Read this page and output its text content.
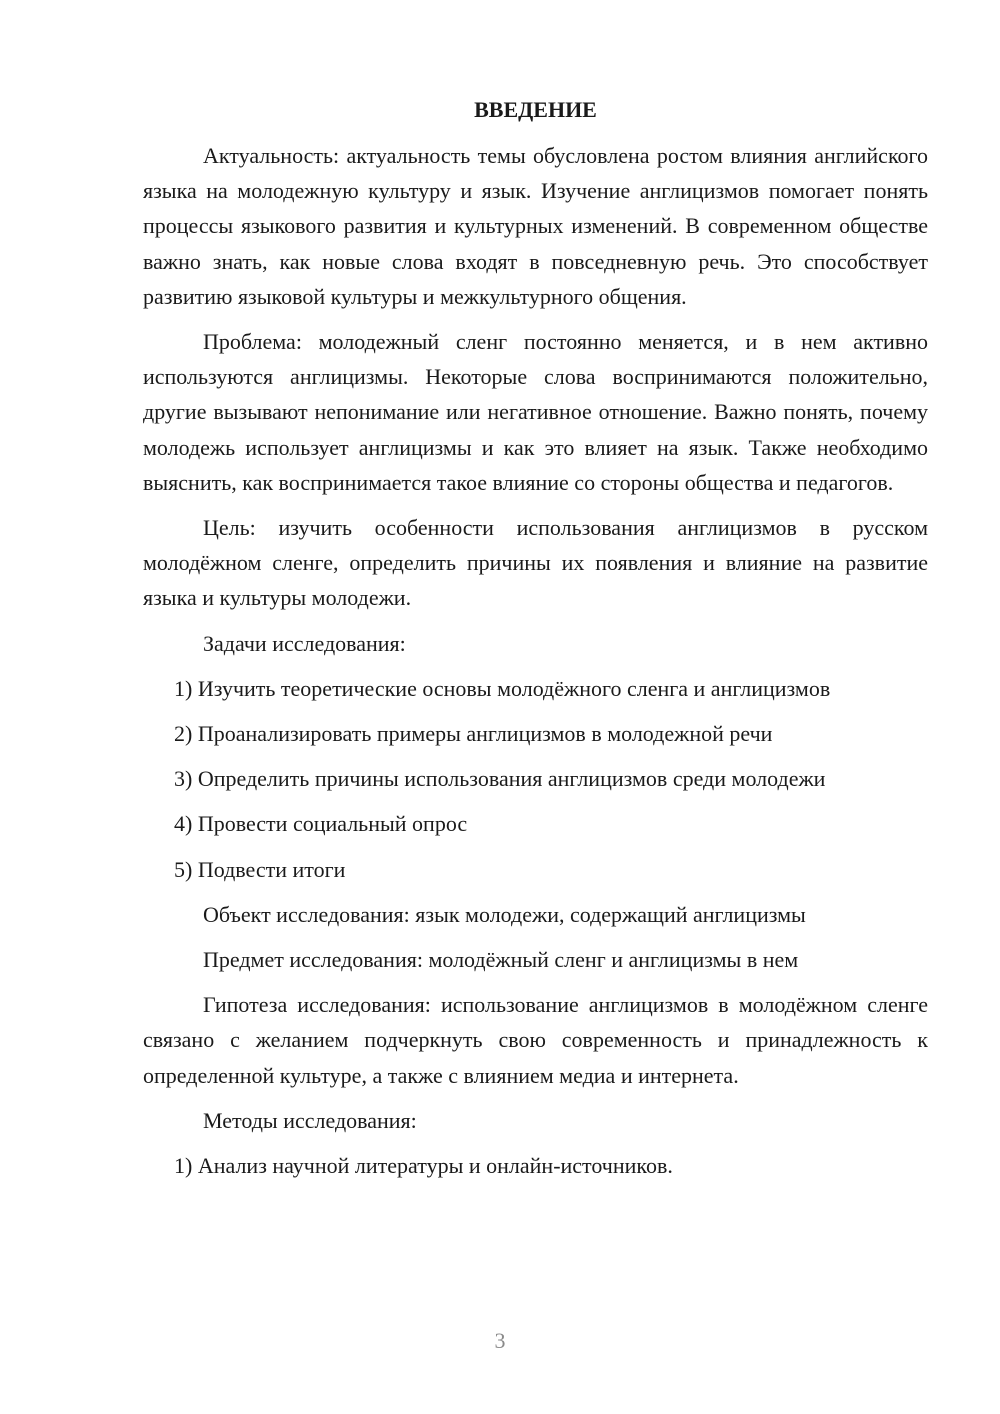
ВВЕДЕНИЕ

Актуальность: актуальность темы обусловлена ростом влияния английского языка на молодежную культуру и язык. Изучение англицизмов помогает понять процессы языкового развития и культурных изменений. В современном обществе важно знать, как новые слова входят в повседневную речь. Это способствует развитию языковой культуры и межкультурного общения.

Проблема: молодежный сленг постоянно меняется, и в нем активно используются англицизмы. Некоторые слова воспринимаются положительно, другие вызывают непонимание или негативное отношение. Важно понять, почему молодежь использует англицизмы и как это влияет на язык. Также необходимо выяснить, как воспринимается такое влияние со стороны общества и педагогов.

Цель: изучить особенности использования англицизмов в русском молодёжном сленге, определить причины их появления и влияние на развитие языка и культуры молодежи.

Задачи исследования:
1) Изучить теоретические основы молодёжного сленга и англицизмов
2) Проанализировать примеры англицизмов в молодежной речи
3) Определить причины использования англицизмов среди молодежи
4) Провести социальный опрос
5) Подвести итоги
Объект исследования: язык молодежи, содержащий англицизмы
Предмет исследования: молодёжный сленг и англицизмы в нем

Гипотеза исследования: использование англицизмов в молодёжном сленге связано с желанием подчеркнуть свою современность и принадлежность к определенной культуре, а также с влиянием медиа и интернета.

Методы исследования:
1) Анализ научной литературы и онлайн-источников.
3
